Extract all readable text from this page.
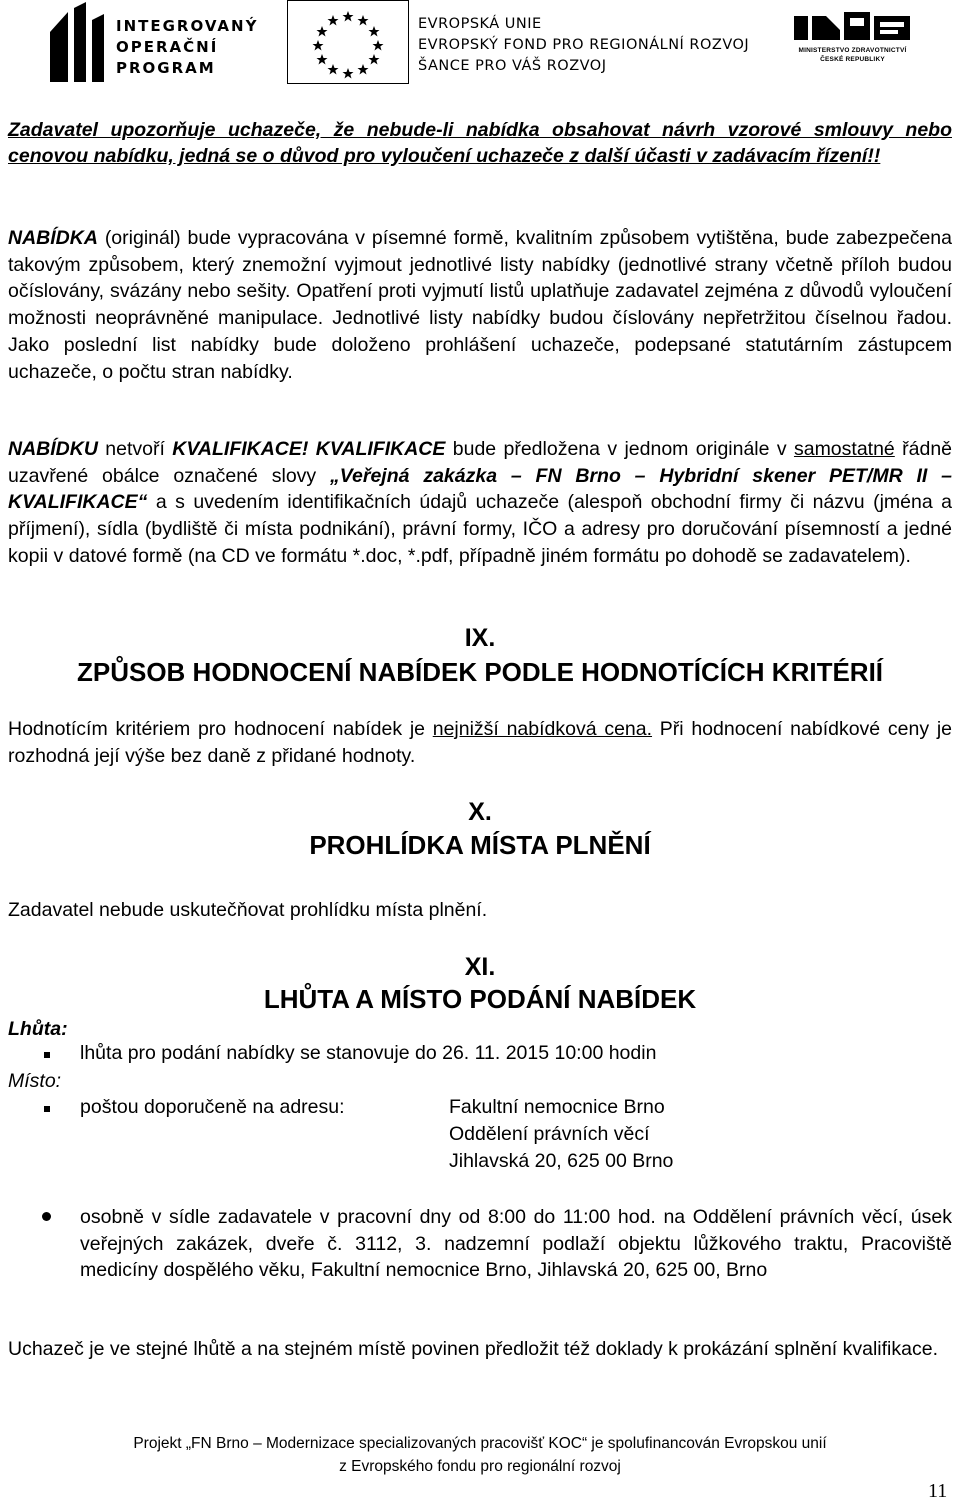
INTEGROVANÝ
OPERAČNÍ
PROGRAM
EVROPSKÁ UNIE
EVROPSKÝ FOND PRO REGIONÁLNÍ ROZVOJ
ŠANCE PRO VÁŠ ROZVOJ
MINISTERSTVO ZDRAVOTNICTVÍ
ČESKÉ REPUBLIKY

Zadavatel upozorňuje uchazeče, že nebude-li nabídka obsahovat návrh vzorové smlouvy nebo cenovou nabídku, jedná se o důvod pro vyloučení uchazeče z další účasti v zadávacím řízení!!

NABÍDKA (originál) bude vypracována v písemné formě, kvalitním způsobem vytištěna, bude zabezpečena takovým způsobem, který znemožní vyjmout jednotlivé listy nabídky (jednotlivé strany včetně příloh budou očíslovány, svázány nebo sešity. Opatření proti vyjmutí listů uplatňuje zadavatel zejména z důvodů vyloučení možnosti neoprávněné manipulace. Jednotlivé listy nabídky budou číslovány nepřetržitou číselnou řadou. Jako poslední list nabídky bude doloženo prohlášení uchazeče, podepsané statutárním zástupcem uchazeče, o počtu stran nabídky.

NABÍDKU netvoří KVALIFIKACE! KVALIFIKACE bude předložena v jednom originále v samostatné řádně uzavřené obálce označené slovy „Veřejná zakázka – FN Brno – Hybridní skener PET/MR II – KVALIFIKACE“ a s uvedením identifikačních údajů uchazeče (alespoň obchodní firmy či názvu (jména a příjmení), sídla (bydliště či místa podnikání), právní formy, IČO a adresy pro doručování písemností a jedné kopii v datové formě (na CD ve formátu *.doc, *.pdf, případně jiném formátu po dohodě se zadavatelem).

IX.
ZPŮSOB HODNOCENÍ NABÍDEK PODLE HODNOTÍCÍCH KRITÉRIÍ

Hodnotícím kritériem pro hodnocení nabídek je nejnižší nabídková cena. Při hodnocení nabídkové ceny je rozhodná její výše bez daně z přidané hodnoty.

X.
PROHLÍDKA MÍSTA PLNĚNÍ

Zadavatel nebude uskutečňovat prohlídku místa plnění.

XI.
LHŮTA A MÍSTO PODÁNÍ NABÍDEK
Lhůta:
lhůta pro podání nabídky se stanovuje do 26. 11. 2015 10:00 hodin
Místo:
poštou doporučeně na adresu:	Fakultní nemocnice Brno
Oddělení právních věcí
Jihlavská 20, 625 00 Brno

osobně v sídle zadavatele v pracovní dny od 8:00 do 11:00 hod. na Oddělení právních věcí, úsek veřejných zakázek, dveře č. 3112, 3. nadzemní podlaží objektu lůžkového traktu, Pracoviště medicíny dospělého věku, Fakultní nemocnice Brno, Jihlavská 20, 625 00, Brno

Uchazeč je ve stejné lhůtě a na stejném místě povinen předložit též doklady k prokázání splnění kvalifikace.

Projekt „FN Brno – Modernizace specializovaných pracovišť KOC“ je spolufinancován Evropskou unií
z Evropského fondu pro regionální rozvoj
11
